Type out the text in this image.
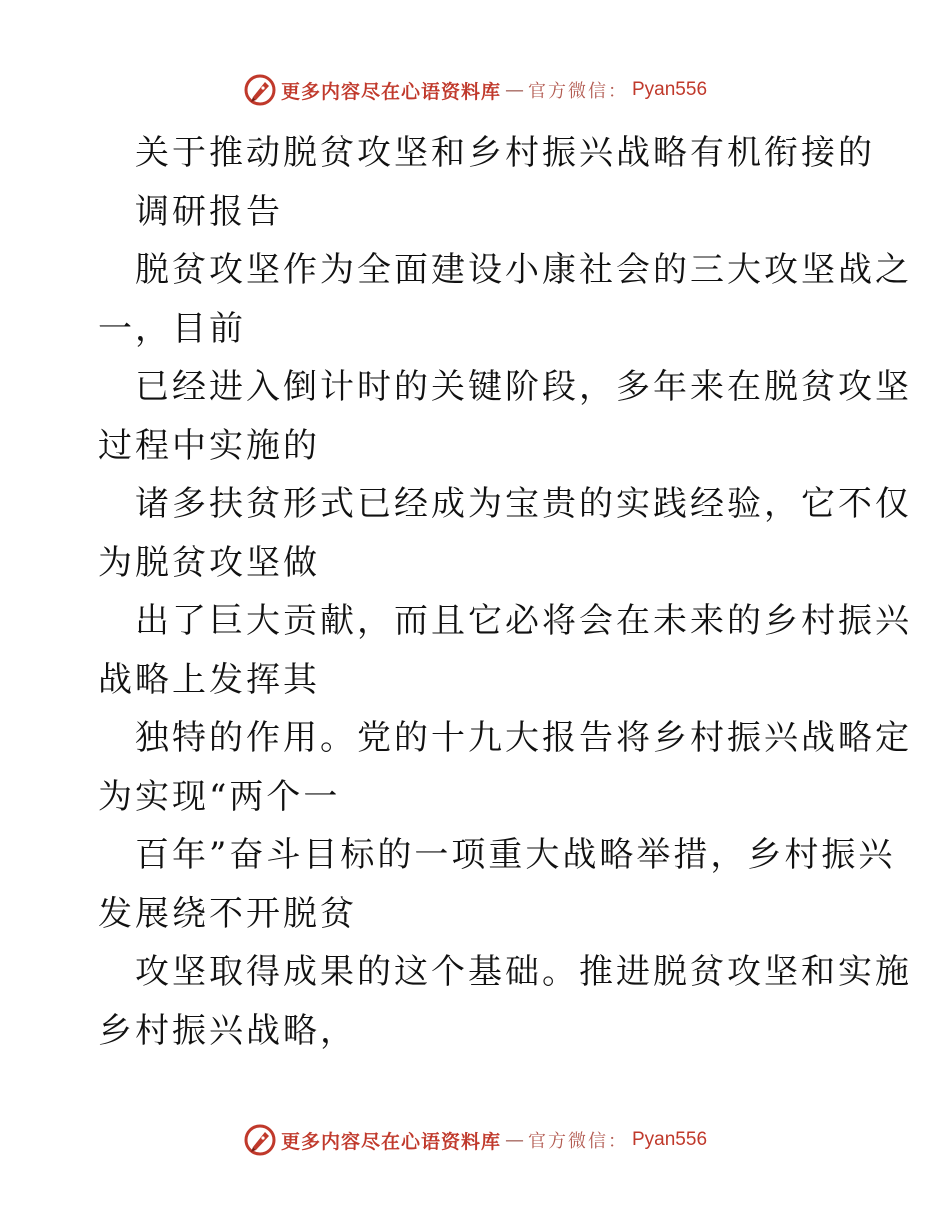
更多内容尽在心语资料库 — 官方微信： Pyan556
关于推动脱贫攻坚和乡村振兴战略有机衔接的
调研报告
脱贫攻坚作为全面建设小康社会的三大攻坚战之
一，目前
已经进入倒计时的关键阶段，多年来在脱贫攻坚
过程中实施的
诸多扶贫形式已经成为宝贵的实践经验，它不仅
为脱贫攻坚做
出了巨大贡献，而且它必将会在未来的乡村振兴
战略上发挥其
独特的作用。党的十九大报告将乡村振兴战略定
为实现“两个一
百年”奋斗目标的一项重大战略举措，乡村振兴
发展绕不开脱贫
攻坚取得成果的这个基础。推进脱贫攻坚和实施
乡村振兴战略，
更多内容尽在心语资料库 — 官方微信： Pyan556
